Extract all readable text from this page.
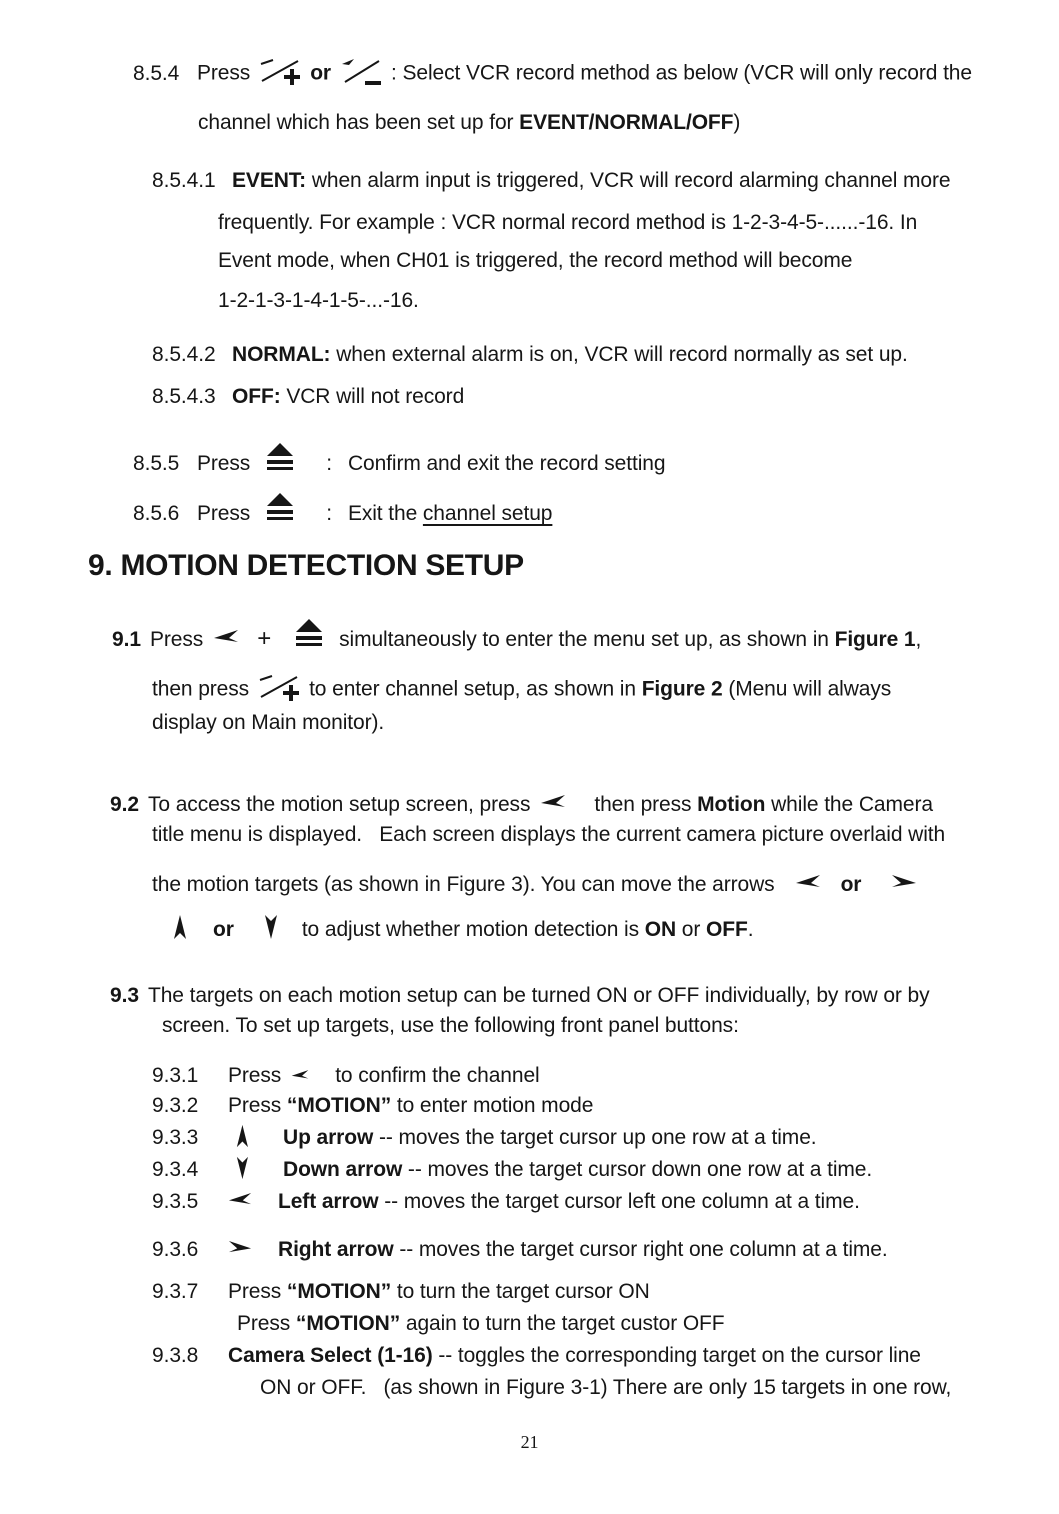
8.5.4 Press	or	: Select VCR record method as below (VCR will only record the
channel which has been set up for EVENT/NORMAL/OFF)
8.5.4.1 EVENT: when alarm input is triggered, VCR will record alarming channel more
frequently. For example : VCR normal record method is 1-2-3-4-5-......-16. In
Event mode, when CH01 is triggered, the record method will become
1-2-1-3-1-4-1-5-...-16.
8.5.4.2 NORMAL: when external alarm is on, VCR will record normally as set up.
8.5.4.3 OFF: VCR will not record
8.5.5 Press	: Confirm and exit the record setting
8.5.6 Press	: Exit the channel setup
9. MOTION DETECTION SETUP
9.1 Press +	simultaneously to enter the menu set up, as shown in Figure 1,
then press	to enter channel setup, as shown in Figure 2 (Menu will always
display on Main monitor).
9.2 To access the motion setup screen, press	then press Motion while the Camera
title menu is displayed.   Each screen displays the current camera picture overlaid with
the motion targets (as shown in Figure 3). You can move the arrows	or
or	to adjust whether motion detection is ON or OFF.
9.3 The targets on each motion setup can be turned ON or OFF individually, by row or by
screen. To set up targets, use the following front panel buttons:
9.3.1 Press	to confirm the channel
9.3.2 Press “MOTION” to enter motion mode
9.3.3	Up arrow -- moves the target cursor up one row at a time.
9.3.4	Down arrow -- moves the target cursor down one row at a time.
9.3.5	Left arrow -- moves the target cursor left one column at a time.
9.3.6	Right arrow -- moves the target cursor right one column at a time.
9.3.7 Press “MOTION” to turn the target cursor ON
Press “MOTION” again to turn the target custor OFF
9.3.8 Camera Select (1-16) -- toggles the corresponding target on the cursor line
ON or OFF.   (as shown in Figure 3-1) There are only 15 targets in one row,
21
